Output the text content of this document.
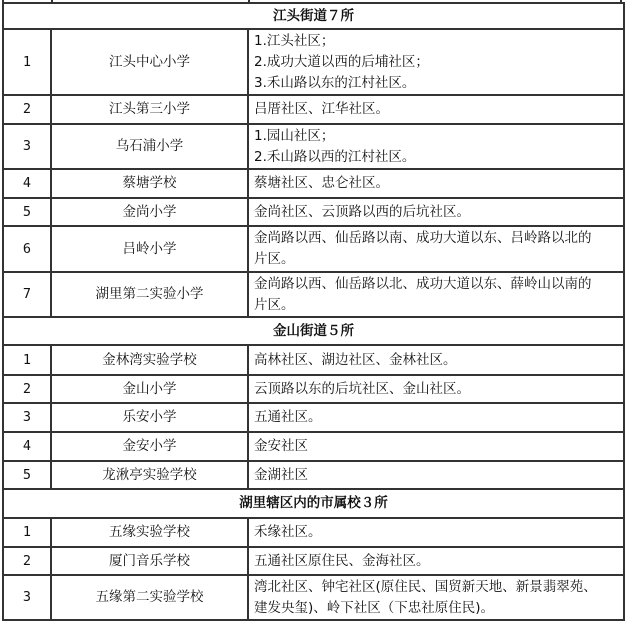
江头街道７所		
1	江头中心小学	1.江头社区；
2.成功大道以西的后埔社区；
3.禾山路以东的江村社区。

2	江头第三小学	吕厝社区、江华社区。

3	乌石浦小学	1.园山社区；
2.禾山路以西的江村社区。

4	蔡塘学校	蔡塘社区、忠仑社区。

5	金尚小学	金尚社区、云顶路以西的后坑社区。

6	吕岭小学	金尚路以西、仙岳路以南、成功大道以东、吕岭路以北的
片区。

7	湖里第二实验小学	金尚路以西、仙岳路以北、成功大道以东、薛岭山以南的
片区。

金山街道５所		
1	金林湾实验学校	高林社区、湖边社区、金林社区。

2	金山小学	云顶路以东的后坑社区、金山社区。

3	乐安小学	五通社区。

4	金安小学	金安社区

5	龙湫亭实验学校	金湖社区

湖里辖区内的市属校３所		
1	五缘实验学校	禾缘社区。

2	厦门音乐学校	五通社区原住民、金海社区。

3	五缘第二实验学校	湾北社区、钟宅社区(原住民、国贸新天地、新景翡翠苑、
建发央玺)、岭下社区（下忠社原住民)。
